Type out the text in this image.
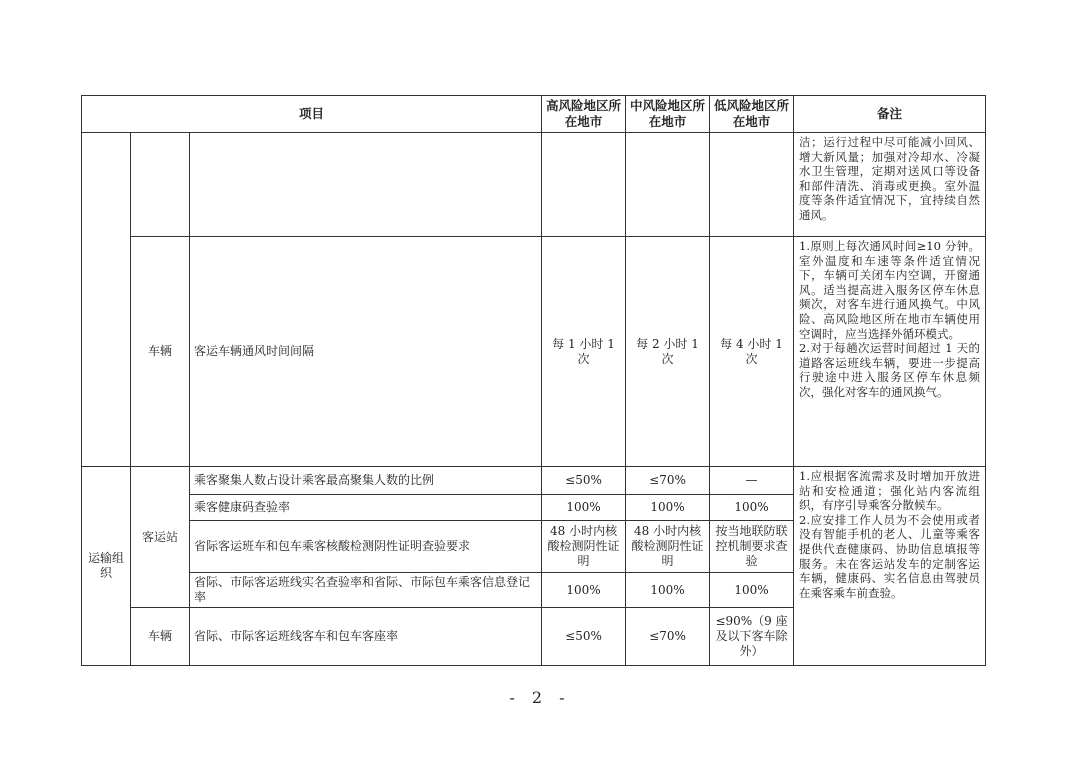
项目			高风险地区所在地市	中风险地区所在地市	低风险地区所在地市	备注
						洁；运行过程中尽可能减小回风、增大新风量；加强对冷却水、冷凝水卫生管理，定期对送风口等设备和部件清洗、消毒或更换。室外温度等条件适宜情况下，宜持续自然通风。
	车辆	客运车辆通风时间间隔	每 1 小时 1 次	每 2 小时 1 次	每 4 小时 1 次	1.原则上每次通风时间≥10 分钟。室外温度和车速等条件适宜情况下，车辆可关闭车内空调，开窗通风。适当提高进入服务区停车休息频次，对客车进行通风换气。中风险、高风险地区所在地市车辆使用空调时，应当选择外循环模式。
2.对于每趟次运营时间超过 1 天的道路客运班线车辆，要进一步提高行驶途中进入服务区停车休息频次，强化对客车的通风换气。

运输组织	客运站	乘客聚集人数占设计乘客最高聚集人数的比例	≤50%	≤70%	—	1.应根据客流需求及时增加开放进站和安检通道；强化站内客流组织，有序引导乘客分散候车。
2.应安排工作人员为不会使用或者没有智能手机的老人、儿童等乘客提供代查健康码、协助信息填报等服务。未在客运站发车的定制客运车辆，健康码、实名信息由驾驶员在乘客乘车前查验。

		乘客健康码查验率	100%	100%	100%	
		省际客运班车和包车乘客核酸检测阴性证明查验要求	48 小时内核酸检测阴性证明	48 小时内核酸检测阴性证明	按当地联防联控机制要求查验	
		省际、市际客运班线实名查验率和省际、市际包车乘客信息登记率	100%	100%	100%	
	车辆	省际、市际客运班线客车和包车客座率	≤50%	≤70%	≤90%（9 座及以下客车除外）	
- 2 -
